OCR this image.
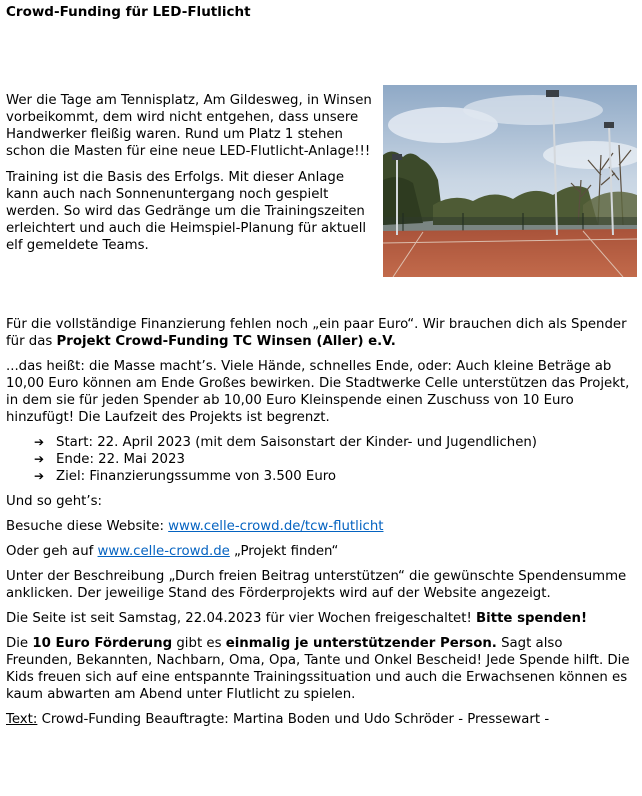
Crowd-Funding für LED-Flutlicht

Wer die Tage am Tennisplatz, Am Gildesweg, in Winsen vorbeikommt, dem wird nicht entgehen, dass unsere Handwerker fleißig waren. Rund um Platz 1 stehen schon die Masten für eine neue LED-Flutlicht-Anlage!!!

Training ist die Basis des Erfolgs. Mit dieser Anlage kann auch nach Sonnenuntergang noch gespielt werden. So wird das Gedränge um die Trainingszeiten erleichtert und auch die Heimspiel-Planung für aktuell elf gemeldete Teams.

Für die vollständige Finanzierung fehlen noch „ein paar Euro“. Wir brauchen dich als Spender für das Projekt Crowd-Funding TC Winsen (Aller) e.V.

...das heißt: die Masse macht’s. Viele Hände, schnelles Ende, oder: Auch kleine Beträge ab 10,00 Euro können am Ende Großes bewirken. Die Stadtwerke Celle unterstützen das Projekt, in dem sie für jeden Spender ab 10,00 Euro Kleinspende einen Zuschuss von 10 Euro hinzufügt! Die Laufzeit des Projekts ist begrenzt.

➔ Start: 22. April 2023 (mit dem Saisonstart der Kinder- und Jugendlichen)
➔ Ende: 22. Mai 2023
➔ Ziel: Finanzierungssumme von 3.500 Euro

Und so geht’s:

Besuche diese Website: www.celle-crowd.de/tcw-flutlicht

Oder geh auf www.celle-crowd.de „Projekt finden“

Unter der Beschreibung „Durch freien Beitrag unterstützen“ die gewünschte Spendensumme anklicken. Der jeweilige Stand des Förderprojekts wird auf der Website angezeigt.

Die Seite ist seit Samstag, 22.04.2023 für vier Wochen freigeschaltet! Bitte spenden!

Die 10 Euro Förderung gibt es einmalig je unterstützender Person. Sagt also Freunden, Bekannten, Nachbarn, Oma, Opa, Tante und Onkel Bescheid! Jede Spende hilft. Die Kids freuen sich auf eine entspannte Trainingssituation und auch die Erwachsenen können es kaum abwarten am Abend unter Flutlicht zu spielen.

Text: Crowd-Funding Beauftragte: Martina Boden und Udo Schröder - Pressewart -
